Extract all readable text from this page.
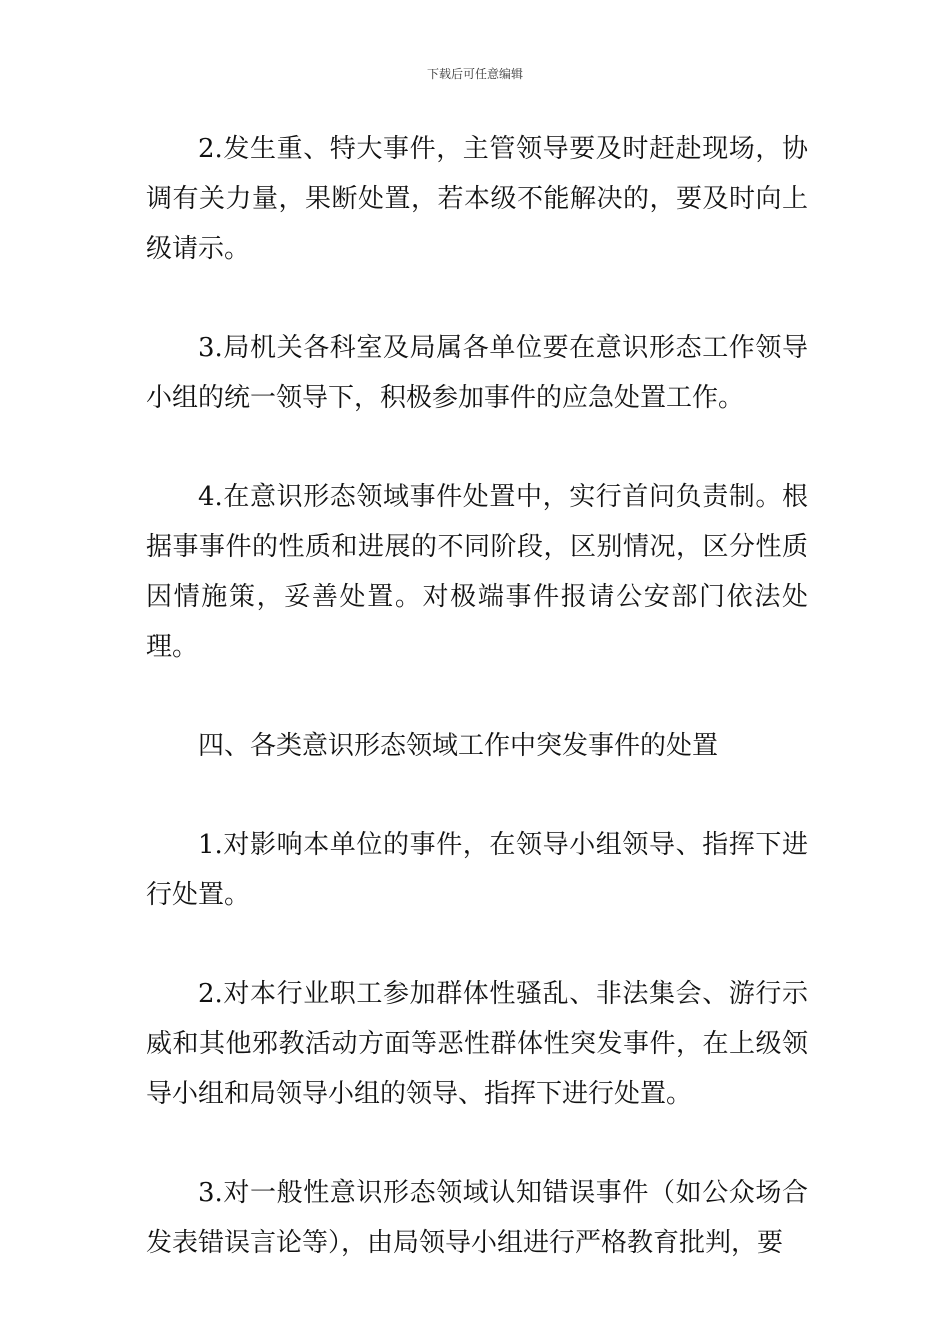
下载后可任意编辑

2.发生重、特大事件，主管领导要及时赶赴现场，协调有关力量，果断处置，若本级不能解决的，要及时向上级请示。

3.局机关各科室及局属各单位要在意识形态工作领导小组的统一领导下，积极参加事件的应急处置工作。

4.在意识形态领域事件处置中，实行首问负责制。根据事事件的性质和进展的不同阶段，区别情况，区分性质因情施策，妥善处置。对极端事件报请公安部门依法处理。

四、各类意识形态领域工作中突发事件的处置

1.对影响本单位的事件，在领导小组领导、指挥下进行处置。

2.对本行业职工参加群体性骚乱、非法集会、游行示威和其他邪教活动方面等恶性群体性突发事件，在上级领导小组和局领导小组的领导、指挥下进行处置。

3.对一般性意识形态领域认知错误事件（如公众场合发表错误言论等），由局领导小组进行严格教育批判，要
